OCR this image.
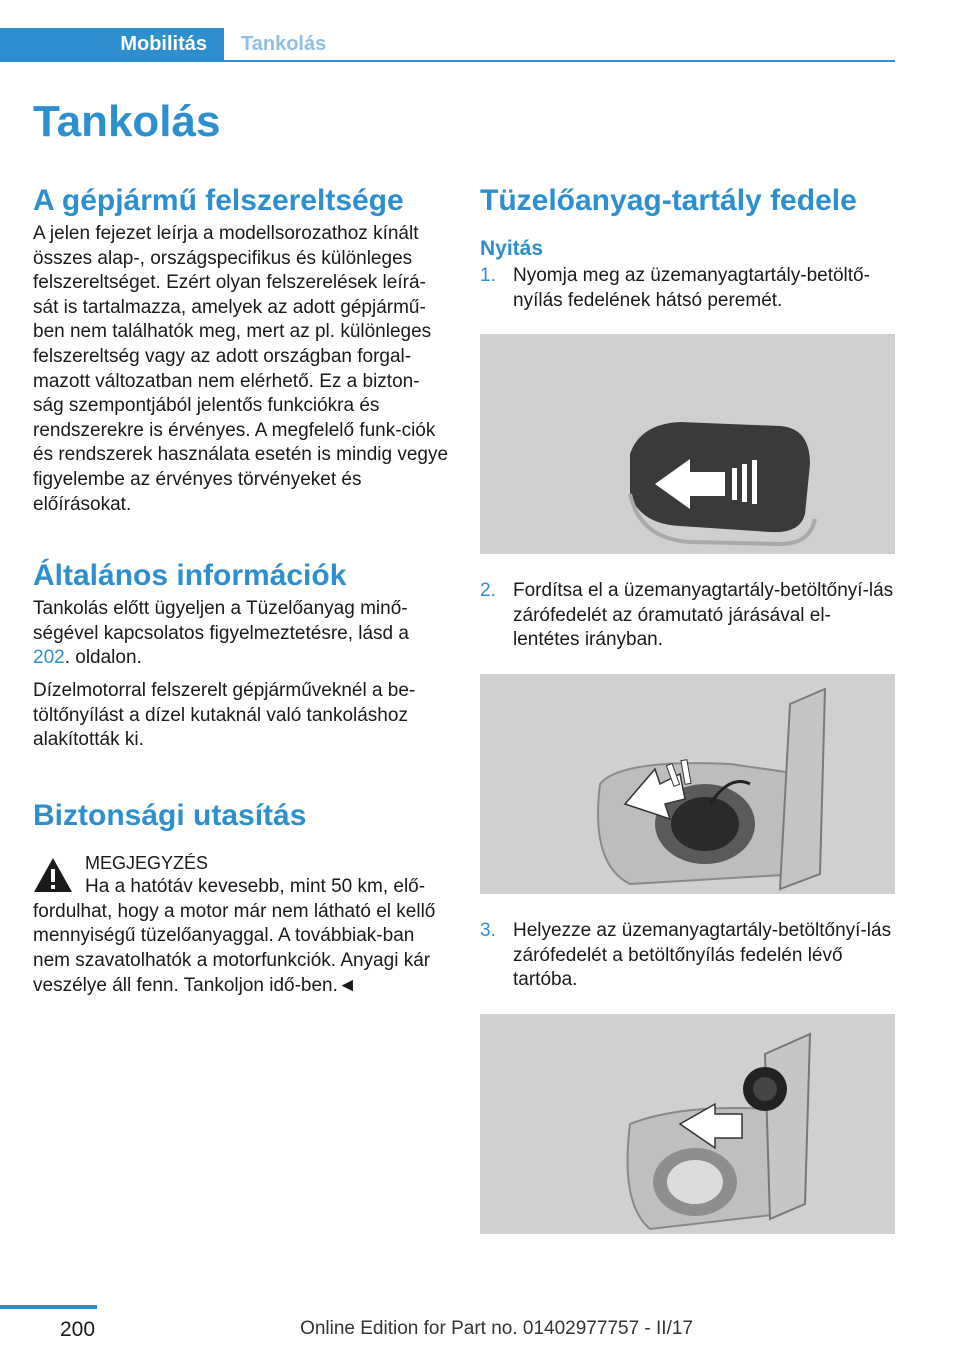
Mobilitás	Tankolás
Tankolás
A gépjármű felszereltsége

A jelen fejezet leírja a modellsorozathoz kínált összes alap-, országspecifikus és különleges felszereltséget. Ezért olyan felszerelések leírá-sát is tartalmazza, amelyek az adott gépjármű-ben nem találhatók meg, mert az pl. különleges felszereltség vagy az adott országban forgal-mazott változatban nem elérhető. Ez a bizton-ság szempontjából jelentős funkciókra és rendszerekre is érvényes. A megfelelő funk-ciók és rendszerek használata esetén is mindig vegye figyelembe az érvényes törvényeket és előírásokat.

Általános információk

Tankolás előtt ügyeljen a Tüzelőanyag minő-ségével kapcsolatos figyelmeztetésre, lásd a 202. oldalon.

Dízelmotorral felszerelt gépjárműveknél a be-töltőnyílást a dízel kutaknál való tankoláshoz alakították ki.

Biztonsági utasítás

MEGJEGYZÉS

Ha a hatótáv kevesebb, mint 50 km, elő-fordulhat, hogy a motor már nem látható el kellő mennyiségű tüzelőanyaggal. A továbbiak-ban nem szavatolhatók a motorfunkciók. Anyagi kár veszélye áll fenn. Tankoljon idő-ben.◄

Tüzelőanyag-tartály fedele
Nyitás
1. Nyomja meg az üzemanyagtartály-betöltő-nyílás fedelének hátsó peremét.

2. Fordítsa el a üzemanyagtartály-betöltőnyí-lás zárófedelét az óramutató járásával el-lentétes irányban.

3. Helyezze az üzemanyagtartály-betöltőnyí-lás zárófedelét a betöltőnyílás fedelén lévő tartóba.

200	Online Edition for Part no. 01402977757 - II/17
